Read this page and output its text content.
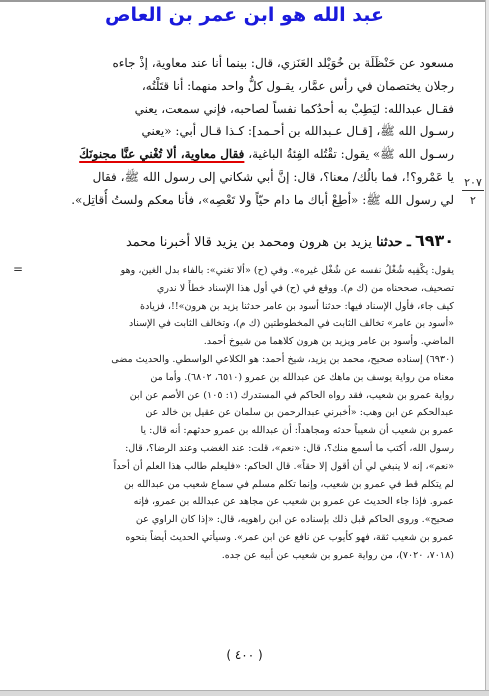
عبد الله هو ابن عمر بن العاص
مسعود عن حَنْظَلَة بن خُوَيْلد العَنَزي، قال: بينما أنا عند معاوية، إذْ جاءه
رجلان يختصمان في رأس عمَّار، يقـول كلُّ واحد منهما: أنا قتَلْتُه،
فقـال عبدالله: ليَطِبْ به أحدُكما نفساً لصاحبه، فإني سمعت، يعني
رسـول الله ﷺ، [قـال عـبدالله بن أحـمد]: كـذا قـال أبي: «يعني
رسـول الله ﷺ» يقول: تقْتُله الفِئةُ الباغية، فقال معاوية، ألا تُغْني عنَّا مجنونَكَ
يا عَمْرو؟!، فما بالُك/ معنا؟، قال: إنَّ أبي شكاني إلى رسول الله ﷺ، فقال
لي رسول الله ﷺ: «أطِعْ أباك ما دام حيّاً ولا تَعْصِه»، فأنا معكم ولستُ أُقاتِل».
٢٠٧
٢
٦٩٣٠ ـ حدثنا يزيد بن هرون ومحمد بن يزيد قالا أخبرنا محمد
=	يقول: يكْفِيه شُغْلُ نفسه عن شُغْل غيره». وفي (ح) «ألا تغني»: بالفاء بدل الغين، وهو
تصحيف، صححناه من (ك م). ووقع في (ح) في أول هذا الإسناد خطأً لا ندري
كيف جاء، فأول الإسناد فيها: حدثنا أسود بن عامر حدثنا يزيد بن هرون»!!، فزيادة
«أسود بن عامر» تخالف الثابت في المخطوطتين (ك م)، وتخالف الثابت في الإسناد
الماضي. وأسود بن عامر ويزيد بن هرون كلاهما من شيوخ أحمد.
(٦٩٣٠) إسناده صحيح، محمد بن يزيد، شيخ أحمد: هو الكلاعي الواسطي. والحديث مضى
معناه من رواية يوسف بن ماهك عن عبدالله بن عمرو (٦٥١٠، ٦٨٠٢). وأما من
رواية عمرو بن شعيب، فقد رواه الحاكم في المستدرك (١: ١٠٥) عن الأصم عن ابن
عبدالحكم عن ابن وهب: «أخبرني عبدالرحمن بن سلمان عن عقيل بن خالد عن
عمرو بن شعيب أن شعيباً حدثه ومجاهداً: أن عبدالله بن عمرو حدثهم: أنه قال: يا
رسول الله، أكتب ما أسمع منك؟، قال: «نعم»، قلت: عند الغضب وعند الرضا؟، قال:
«نعم»، إنه لا ينبغي لي أن أقول إلا حقاً». قال الحاكم: «فليعلم طالب هذا العلم أن أحداً
لم يتكلم قط في عمرو بن شعيب، وإنما تكلم مسلم في سماع شعيب من عبدالله بن
عمرو. فإذا جاء الحديث عن عمرو بن شعيب عن مجاهد عن عبدالله بن عمرو، فإنه
صحيح». وروى الحاكم قبل ذلك بإسناده عن ابن راهويه، قال: «إذا كان الراوي عن
عمرو بن شعيب ثقة، فهو كأيوب عن نافع عن ابن عمر». وسيأتي الحديث أيضاً بنحوه
(٧٠١٨، ٧٠٢٠)، من رواية عمرو بن شعيب عن أبيه عن جده.
( ٤٠٠ )
